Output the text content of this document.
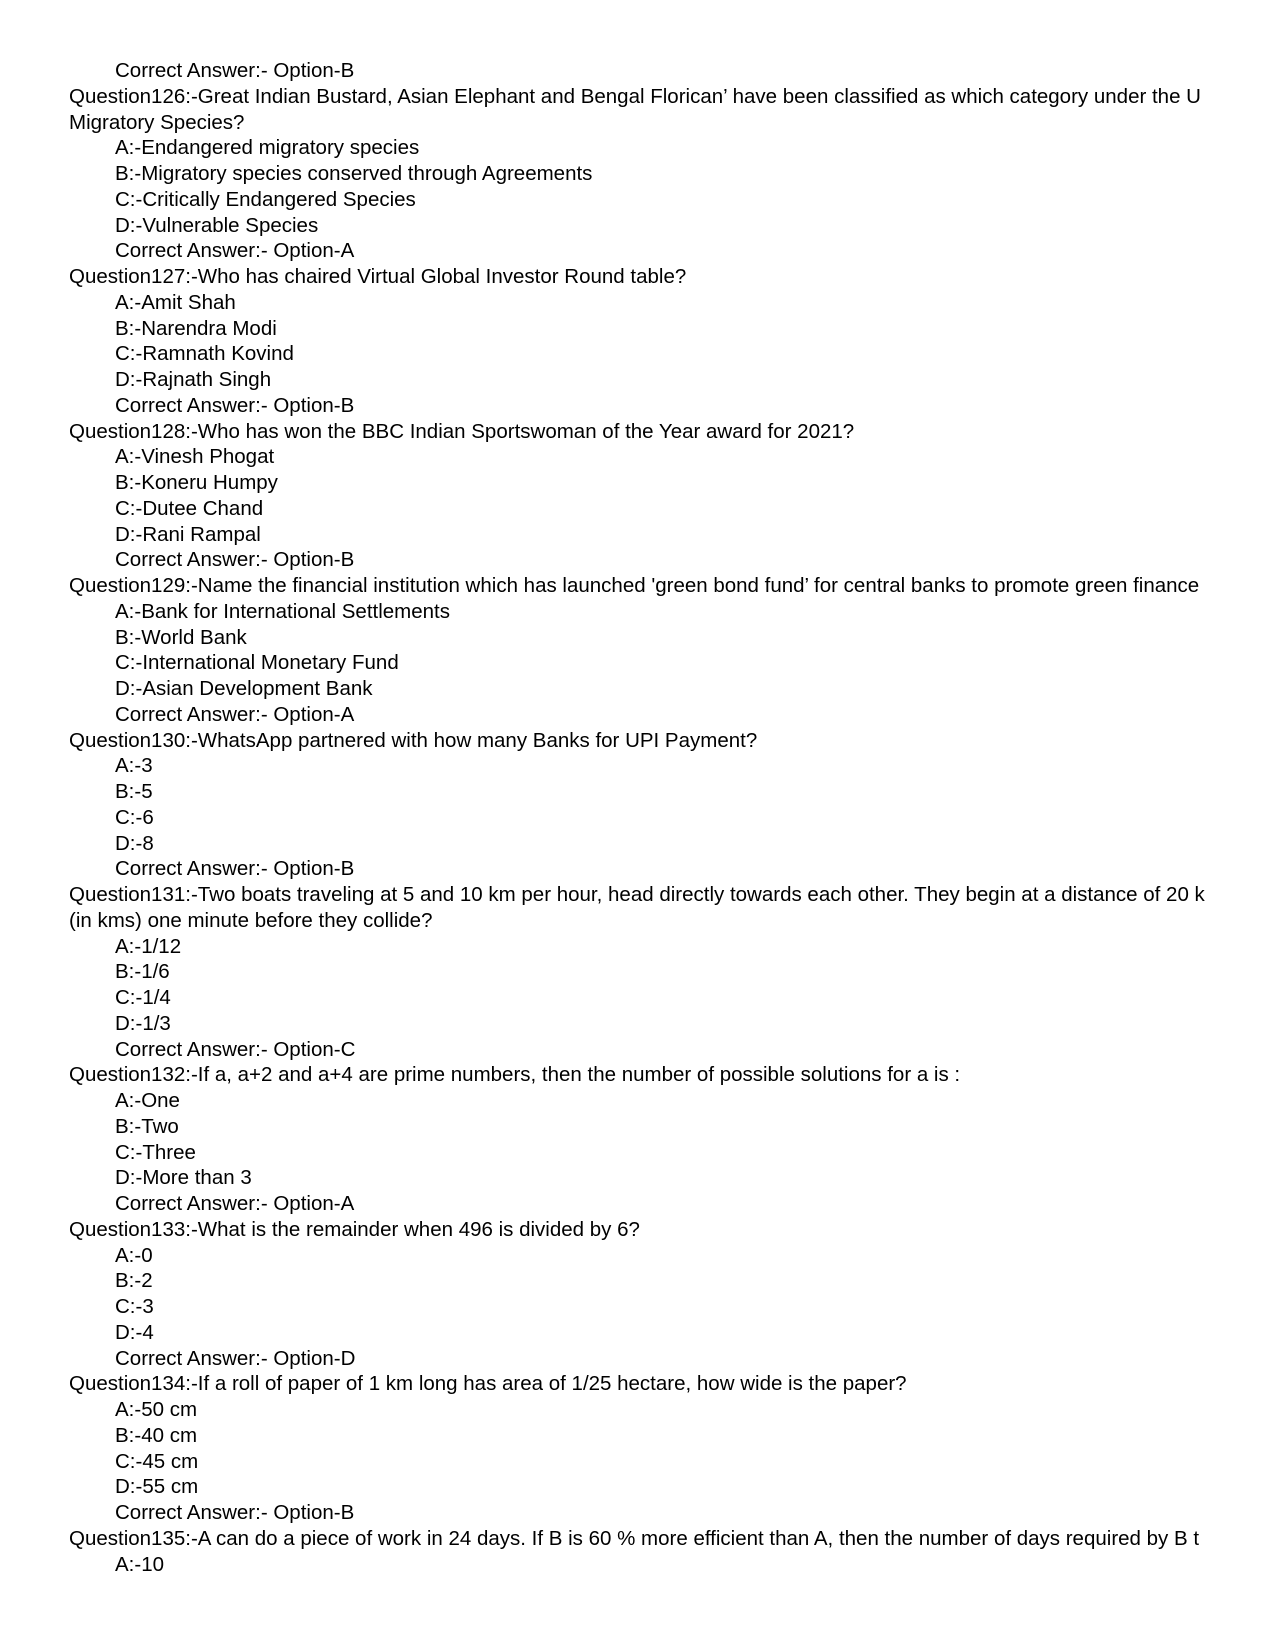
Correct Answer:- Option-B
Question126:-Great Indian Bustard, Asian Elephant and Bengal Florican’ have been classified as which category under the U
Migratory Species?
A:-Endangered migratory species
B:-Migratory species conserved through Agreements
C:-Critically Endangered Species
D:-Vulnerable Species
Correct Answer:- Option-A
Question127:-Who has chaired Virtual Global Investor Round table?
A:-Amit Shah
B:-Narendra Modi
C:-Ramnath Kovind
D:-Rajnath Singh
Correct Answer:- Option-B
Question128:-Who has won the BBC Indian Sportswoman of the Year award for 2021?
A:-Vinesh Phogat
B:-Koneru Humpy
C:-Dutee Chand
D:-Rani Rampal
Correct Answer:- Option-B
Question129:-Name the financial institution which has launched 'green bond fund’ for central banks to promote green finance
A:-Bank for International Settlements
B:-World Bank
C:-International Monetary Fund
D:-Asian Development Bank
Correct Answer:- Option-A
Question130:-WhatsApp partnered with how many Banks for UPI Payment?
A:-3
B:-5
C:-6
D:-8
Correct Answer:- Option-B
Question131:-Two boats traveling at 5 and 10 km per hour, head directly towards each other. They begin at a distance of 20 k
(in kms) one minute before they collide?
A:-1/12
B:-1/6
C:-1/4
D:-1/3
Correct Answer:- Option-C
Question132:-If a, a+2 and a+4 are prime numbers, then the number of possible solutions for a is :
A:-One
B:-Two
C:-Three
D:-More than 3
Correct Answer:- Option-A
Question133:-What is the remainder when 496 is divided by 6?
A:-0
B:-2
C:-3
D:-4
Correct Answer:- Option-D
Question134:-If a roll of paper of 1 km long has area of 1/25 hectare, how wide is the paper?
A:-50 cm
B:-40 cm
C:-45 cm
D:-55 cm
Correct Answer:- Option-B
Question135:-A can do a piece of work in 24 days. If B is 60 % more efficient than A, then the number of days required by B t
A:-10
